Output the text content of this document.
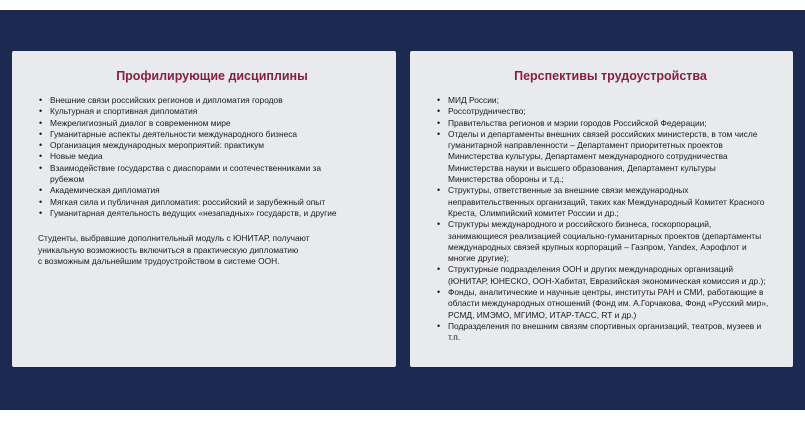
Профилирующие дисциплины
• Внешние связи российских регионов и дипломатия городов
• Культурная и спортивная дипломатия
• Межрелигиозный диалог в современном мире
• Гуманитарные аспекты деятельности международного бизнеса
• Организация международных мероприятий: практикум
• Новые медиа
• Взаимодействие государства с диаспорами и соотечественниками за рубежом
• Академическая дипломатия
• Мягкая сила и публичная дипломатия: российский и зарубежный опыт
• Гуманитарная деятельность ведущих «незападных» государств, и другие

Студенты, выбравшие дополнительный модуль с ЮНИТАР, получают
уникальную возможность включиться в практическую дипломатию
с возможным дальнейшим трудоустройством в системе ООН.

Перспективы трудоустройства
• МИД России;
• Россотрудничество;
• Правительства регионов и мэрии городов Российской Федерации;
• Отделы и департаменты внешних связей российских министерств, в том числе гуманитарной направленности – Департамент приоритетных проектов Министерства культуры, Департамент международного сотрудничества Министерства науки и высшего образования, Департамент культуры Министерства обороны и т.д.;
• Структуры, ответственные за внешние связи международных неправительственных организаций, таких как Международный Комитет Красного Креста, Олимпийский комитет России и др.;
• Структуры международного и российского бизнеса, госкорпораций, занимающиеся реализацией социально-гуманитарных проектов (департаменты международных связей крупных корпораций – Газпром, Yandex, Аэрофлот и многие другие);
• Структурные подразделения ООН и других международных организаций (ЮНИТАР, ЮНЕСКО, ООН-Хабитат, Евразийская экономическая комиссия и др.);
• Фонды, аналитические и научные центры, институты РАН и СМИ, работающие в области международных отношений (Фонд им. А.Горчакова, Фонд «Русский мир», РСМД, ИМЭМО, МГИМО, ИТАР-ТАСС, RT и др.)
• Подразделения по внешним связям спортивных организаций, театров, музеев и т.п.
